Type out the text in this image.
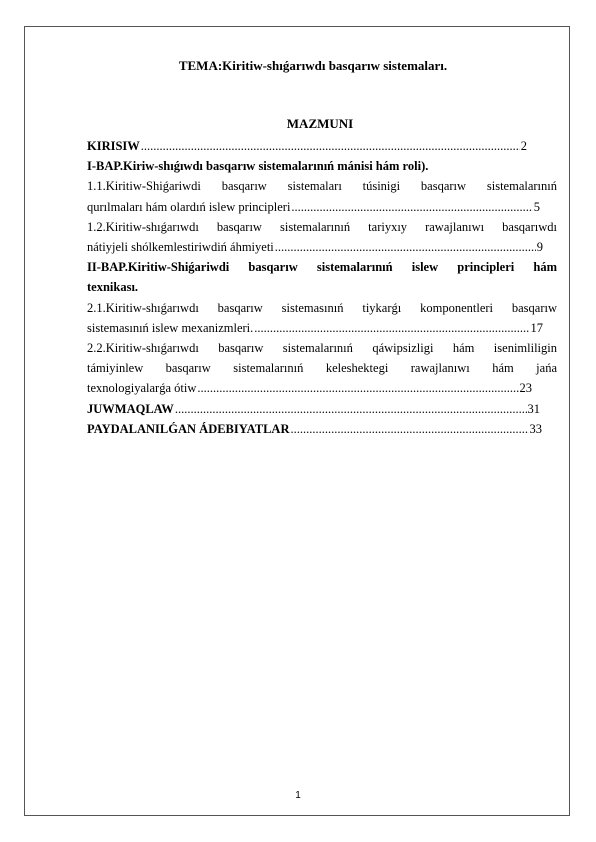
TEMA:Kiritiw-shıǵarıwdı basqarıw sistemaları.
MAZMUNI
KIRISIW .....	2
I-BAP.Kiriw-shıǵıwdı basqarıw sistemalarınıń mánisi hám roli).
1.1.Kiritiw-Shiǵariwdi basqarıw sistemaları túsinigi basqarıw sistemalarınıń
qurılmaları hám olardıń islew principleri .....	5
1.2.Kiritiw-shıǵarıwdı basqarıw sistemalarınıń tariyxıy rawajlanıwı basqarıwdı
nátiyjeli shólkemlestiriwdiń áhmiyeti .....	9
II-BAP.Kiritiw-Shiǵariwdi basqarıw sistemalarınıń islew principleri hám
texnikası.
2.1.Kiritiw-shıǵarıwdı basqarıw sistemasınıń tiykarǵı komponentleri basqarıw
sistemasınıń islew mexanizmleri. .....	17
2.2.Kiritiw-shıǵarıwdı basqarıw sistemalarınıń qáwipsizligi hám isenimliligin
támiyinlew basqarıw sistemalarınıń keleshektegi rawajlanıwı hám jańa
texnologiyalarǵa ótiw .....	23
JUWMAQLAW .....	31
PAYDALANILǴAN ÁDEBIYATLAR .....	33
1
